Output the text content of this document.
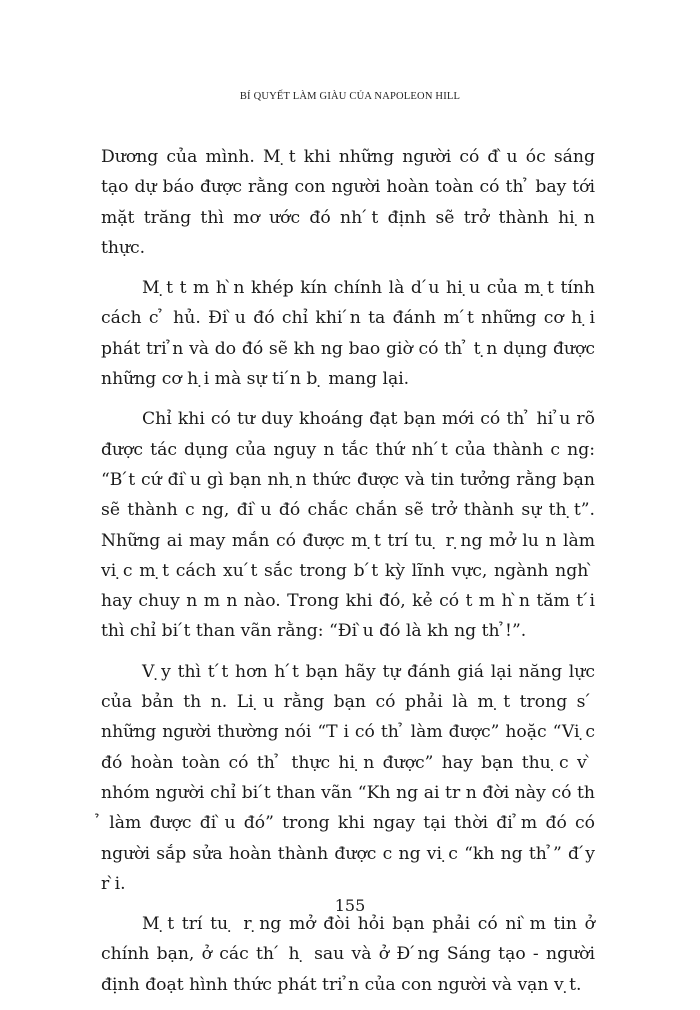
BÍ QUYẾT LÀM GIÀU CỦA NAPOLEON HILL

Dương của mình. M ̣t khi những người có đ ̀u óc sáng tạo dự báo được rằng con người hoàn toàn có th ̉ bay tới mặt trăng thì mơ ước đó nh ́t định sẽ trở thành hi ̣n thực.

M ̣t t m h ̀n khép kín chính là d ́u hi ̣u của m ̣t tính cách c ̉ hủ. Đi ̀u đó chỉ khi ́n ta đánh m ́t những cơ h ̣i phát tri ̉n và do đó sẽ kh ng bao giờ có th ̉ t ̣n dụng được những cơ h ̣i mà sự ti ́n b ̣ mang lại.

Chỉ khi có tư duy khoáng đạt bạn mới có th ̉ hi ̉u rõ được tác dụng của nguy n tắc thứ nh ́t của thành c ng: “B ́t cứ đi ̀u gì bạn nh ̣n thức được và tin tưởng rằng bạn sẽ thành c ng, đi ̀u đó chắc chắn sẽ trở thành sự th ̣t”. Những ai may mắn có được m ̣t trí tu ̣ r ̣ng mở lu n làm vi ̣c m ̣t cách xu ́t sắc trong b ́t kỳ lĩnh vực, ngành ngh ̀ hay chuy n m n nào. Trong khi đó, kẻ có t m h ̀n tăm t ́i thì chỉ bi ́t than vãn rằng: “Đi ̀u đó là kh ng th ̉!”.

V ̣y thì t ́t hơn h ́t bạn hãy tự đánh giá lại năng lực của bản th n. Li ̣u rằng bạn có phải là m ̣t trong s ́ những người thường nói “T i có th ̉ làm được” hoặc “Vi ̣c đó hoàn toàn có th ̉ thực hi ̣n được” hay bạn thu ̣c v ̀ nhóm người chỉ bi ́t than vãn “Kh ng ai tr n đời này có th ̉ làm được đi ̀u đó” trong khi ngay tại thời đi ̉m đó có người sắp sửa hoàn thành được c ng vi ̣c “kh ng th ̉” đ ́y r ̀i.

M ̣t trí tu ̣ r ̣ng mở đòi hỏi bạn phải có ni ̀m tin ở chính bạn, ở các th ́ h ̣ sau và ở Đ ́ng Sáng tạo - người định đoạt hình thức phát tri ̉n của con người và vạn v ̣t.

155
